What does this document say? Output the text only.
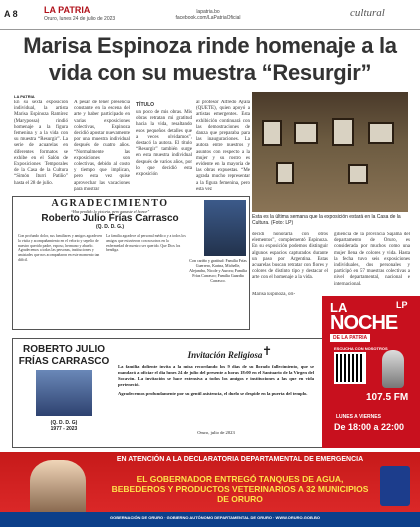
A 8	LA PATRIA
Oruro, lunes 24 de julio de 2023
lapatria.bo
facebook.com/LaPatriaOficial	cultural
Marisa Espinoza rinde homenaje a la vida con su muestra “Resurgir”
LA PATRIA
En su sexta exposición individual, la artista Marisa Espinoza Ramírez (Marypossa) rindió homenaje a la figura femenina y a la vida con su muestra “Resurgir”. La serie de acuarelas en diferentes formatos se exhibe en el Salón de Exposiciones Temporales de la Casa de la Cultura “Simón Iturri Patiño” hasta el 28 de julio.
A pesar de tener presencia constante en la escena del arte y haber participado en varias exposiciones colectivas, Espinoza decidió apostar nuevamente por una muestra individual después de cuatro años. “Normalmente las exposiciones son colectivas, debido al costo y tiempo que implican, pero esta vez quise aprovechar las vacaciones para mostrar
TÍTULO
un poco de mis obras. Mis obras retratan mi gratitud hacia la vida, resaltando esos pequeños detalles que a veces olvidamos”, destacó la autora. El título “Resurgir” también surge en esta muestra individual después de varios años, por lo que decidió esta exposición
al profesor Alfredo Ayala (QUETE), quien apoyó a artistas emergentes. Esta exhibición continuará con las demostraciones de danza que preparaba para las inauguraciones. La autora entre nuestros y asuntos con respecto a la mujer y su rostro es evidente en la mayoría de las obras expuestas. “Me agrada mucho representar a la figura femenina, pero esta vez
Esta es la última semana que la exposición estará en la Casa de la Cultura. (Foto: LP)
decidí honorarla con otros elementos”, complementó Espinoza. En su exposición podemos distinguir algunos espacios capturados durante un paso por Argentina. Estas acuarelas buscan retratar con flores y colores de distinto tipo y destacar el arte con el homenaje a la vida.
giliencia de la provincia Sajama del departamento de Oruro, es considerada por muchos como una mujer llena de colores y vida. Hasta la fecha tuvo seis exposiciones individuales, dos personales y participó en 57 muestras colectivas a nivel departamental, nacional e internacional.
Marisa Espinoza, ori-
AGRADECIMIENTO
“Has perdido la victoria, pero ganaste el honor”
Roberto Julio Frías Carrasco
(Q. D. D. G.)
Con profundo dolor, sus familiares y amigos agradecen la visita y acompañamiento en el velorio y sepelio de nuestro querido padre, esposo, hermano y abuelo. Agradecemos a todas las personas, instituciones y amistades que nos acompañaron en este momento tan difícil.
La familia agradece al personal médico y a todos los amigos que estuvieron con nosotros en la enfermedad de nuestro ser querido. Que Dios los bendiga.
Con cariño y gratitud: Familia Frías Guerrero, Karina, Michelle, Alejandra, Nicole y Aurora; Familia Frías Carrasco; Familia Guardia Carrasco.
ROBERTO JULIO FRÍAS CARRASCO
(Q. D. D. G)
1977 - 2023
Invitación Religiosa ✝

La familia doliente invita a la misa recordando los 9 días de su llorado fallecimiento, que se mandará a oficiar el día lunes 24 de julio del presente a horas 18:00 en el Santuario de la Virgen del Socavón. La invitación se hace extensiva a todos los amigos e instituciones a las que en vida perteneció.

Agradecemos profundamente por su gentil asistencia, el duelo se despide en la puerta del templo.

Oruro, julio de 2023
LA
NOCHE
DE LA PATRIA
LP
ESCUCHA CON NOSOTROS
107.5 FM
LUNES A VIERNES
De 18:00 a 22:00
EN ATENCIÓN A LA DECLARATORIA DEPARTAMENTAL DE EMERGENCIA
EL GOBERNADOR ENTREGÓ TANQUES DE AGUA, BEBEDEROS Y PRODUCTOS VETERINARIOS A 32 MUNICIPIOS DE ORURO
GOBERNACIÓN DE ORURO · GOBIERNO AUTÓNOMO DEPARTAMENTAL DE ORURO · WWW.ORURO.GOB.BO
